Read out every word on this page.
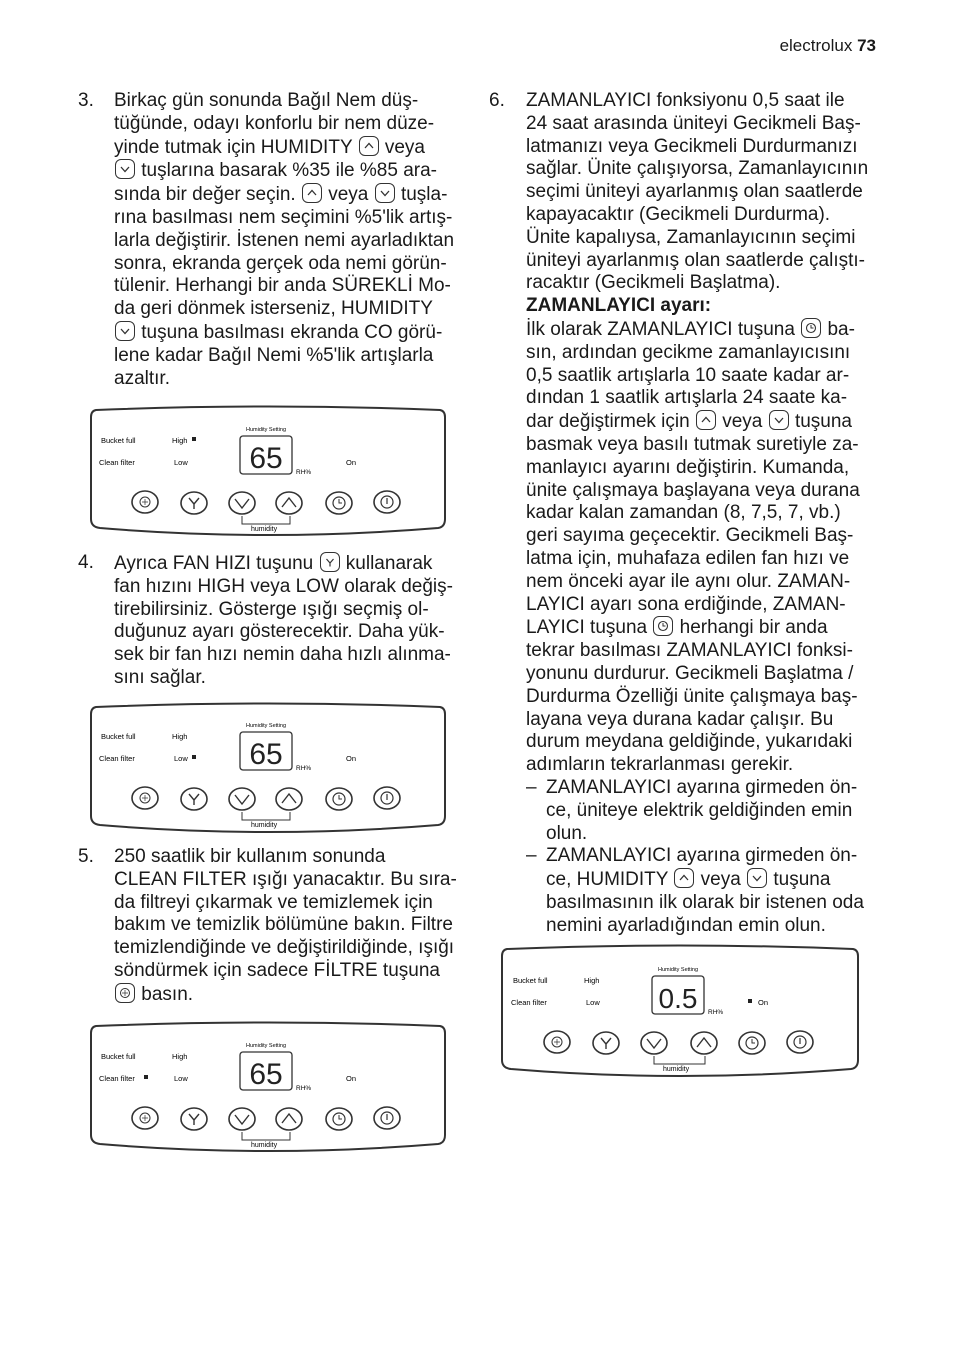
electrolux 73
3. Birkaç gün sonunda Bağıl Nem düş-
tüğünde, odayı konforlu bir nem düze-
yinde tutmak için HUMIDITY veya
tuşlarına basarak %35 ile %85 ara-
sında bir değer seçin. veya tuşla-
rına basılması nem seçimini %5'lik artış-
larla değiştirir. İstenen nemi ayarladıktan
sonra, ekranda gerçek oda nemi görün-
tülenir. Herhangi bir anda SÜREKLİ Mo-
da geri dönmek isterseniz, HUMIDITY
tuşuna basılması ekranda CO görü-
lene kadar Bağıl Nemi %5'lik artışlarla
azaltır.
Bucket full
Clean filter
High
Low
Humidity Setting
65 RH%
On
humidity
4. Ayrıca FAN HIZI tuşunu kullanarak
fan hızını HIGH veya LOW olarak değiş-
tirebilirsiniz. Gösterge ışığı seçmiş ol-
duğunuz ayarı gösterecektir. Daha yük-
sek bir fan hızı nemin daha hızlı alınma-
sını sağlar.
Bucket full
Clean filter
High
Low
Humidity Setting
65 RH%
On
humidity
5. 250 saatlik bir kullanım sonunda
CLEAN FILTER ışığı yanacaktır. Bu sıra-
da filtreyi çıkarmak ve temizlemek için
bakım ve temizlik bölümüne bakın. Filtre
temizlendiğinde ve değiştirildiğinde, ışığı
söndürmek için sadece FİLTRE tuşuna
basın.
Bucket full
Clean filter
High
Low
Humidity Setting
65 RH%
On
humidity
6. ZAMANLAYICI fonksiyonu 0,5 saat ile
24 saat arasında üniteyi Gecikmeli Baş-
latmanızı veya Gecikmeli Durdurmanızı
sağlar. Ünite çalışıyorsa, Zamanlayıcının
seçimi üniteyi ayarlanmış olan saatlerde
kapayacaktır (Gecikmeli Durdurma).
Ünite kapalıysa, Zamanlayıcının seçimi
üniteyi ayarlanmış olan saatlerde çalıştı-
racaktır (Gecikmeli Başlatma).
ZAMANLAYICI ayarı:
İlk olarak ZAMANLAYICI tuşuna ba-
sın, ardından gecikme zamanlayıcısını
0,5 saatlik artışlarla 10 saate kadar ar-
dından 1 saatlik artışlarla 24 saate ka-
dar değiştirmek için veya tuşuna
basmak veya basılı tutmak suretiyle za-
manlayıcı ayarını değiştirin. Kumanda,
ünite çalışmaya başlayana veya durana
kadar kalan zamandan (8, 7,5, 7, vb.)
geri sayıma geçecektir. Gecikmeli Baş-
latma için, muhafaza edilen fan hızı ve
nem önceki ayar ile aynı olur. ZAMAN-
LAYICI ayarı sona erdiğinde, ZAMAN-
LAYICI tuşuna herhangi bir anda
tekrar basılması ZAMANLAYICI fonksi-
yonunu durdurur. Gecikmeli Başlatma /
Durdurma Özelliği ünite çalışmaya baş-
layana veya durana kadar çalışır. Bu
durum meydana geldiğinde, yukarıdaki
adımların tekrarlanması gerekir.
– ZAMANLAYICI ayarına girmeden ön-
ce, üniteye elektrik geldiğinden emin
olun.
– ZAMANLAYICI ayarına girmeden ön-
ce, HUMIDITY veya tuşuna
basılmasının ilk olarak bir istenen oda
nemini ayarladığından emin olun.
Bucket full
Clean filter
High
Low
Humidity Setting
0.5 RH%
On
humidity
